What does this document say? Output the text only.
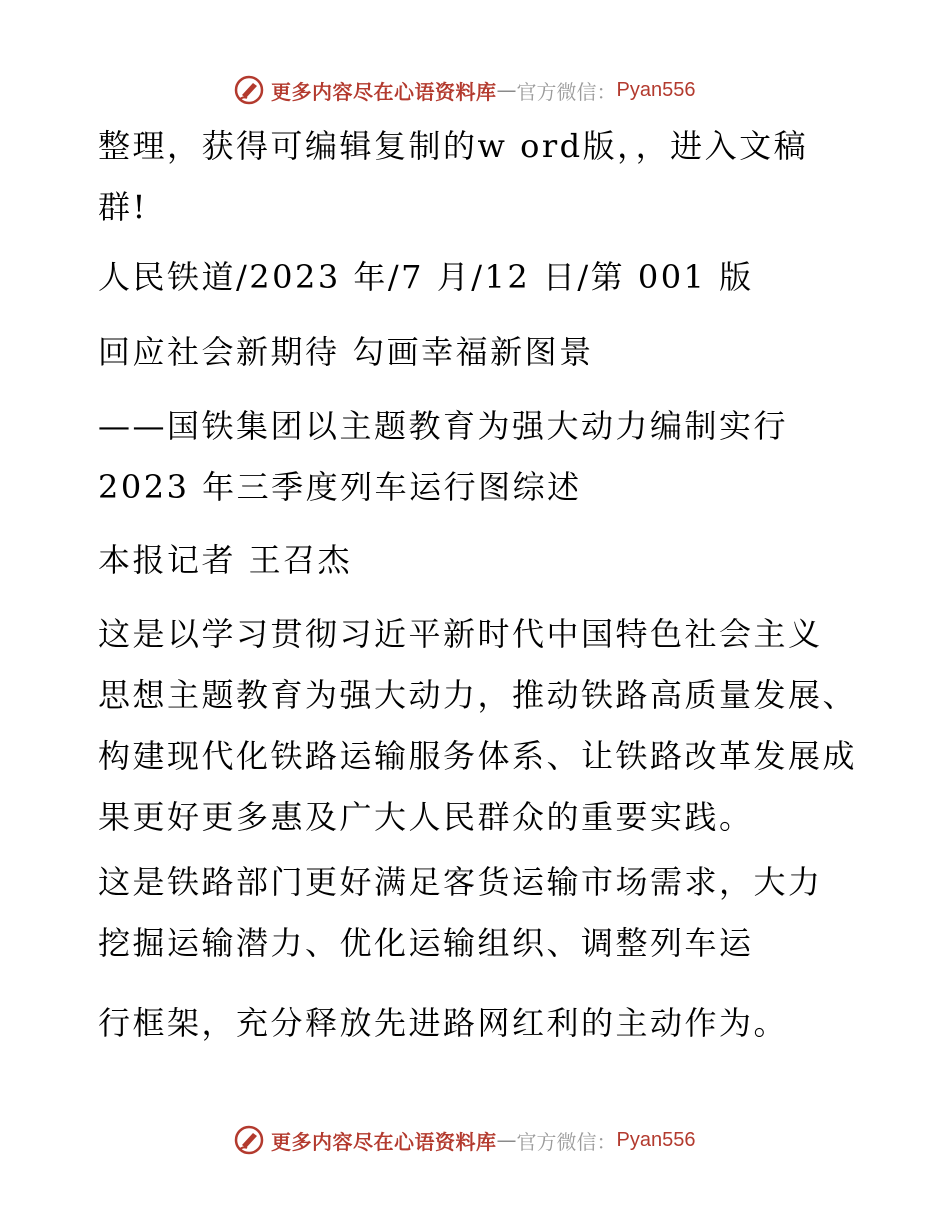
更多内容尽在心语资料库 — 官方微信： Pyan556
整理，获得可编辑复制的w ord版，，进入文稿
群!
人民铁道/2023 年/7 月/12 日/第 001 版
回应社会新期待 勾画幸福新图景
——国铁集团以主题教育为强大动力编制实行
2023 年三季度列车运行图综述
本报记者 王召杰
这是以学习贯彻习近平新时代中国特色社会主义
思想主题教育为强大动力，推动铁路高质量发展、
构建现代化铁路运输服务体系、让铁路改革发展成
果更好更多惠及广大人民群众的重要实践。
这是铁路部门更好满足客货运输市场需求，大力
挖掘运输潜力、优化运输组织、调整列车运
行框架，充分释放先进路网红利的主动作为。
更多内容尽在心语资料库 — 官方微信： Pyan556
